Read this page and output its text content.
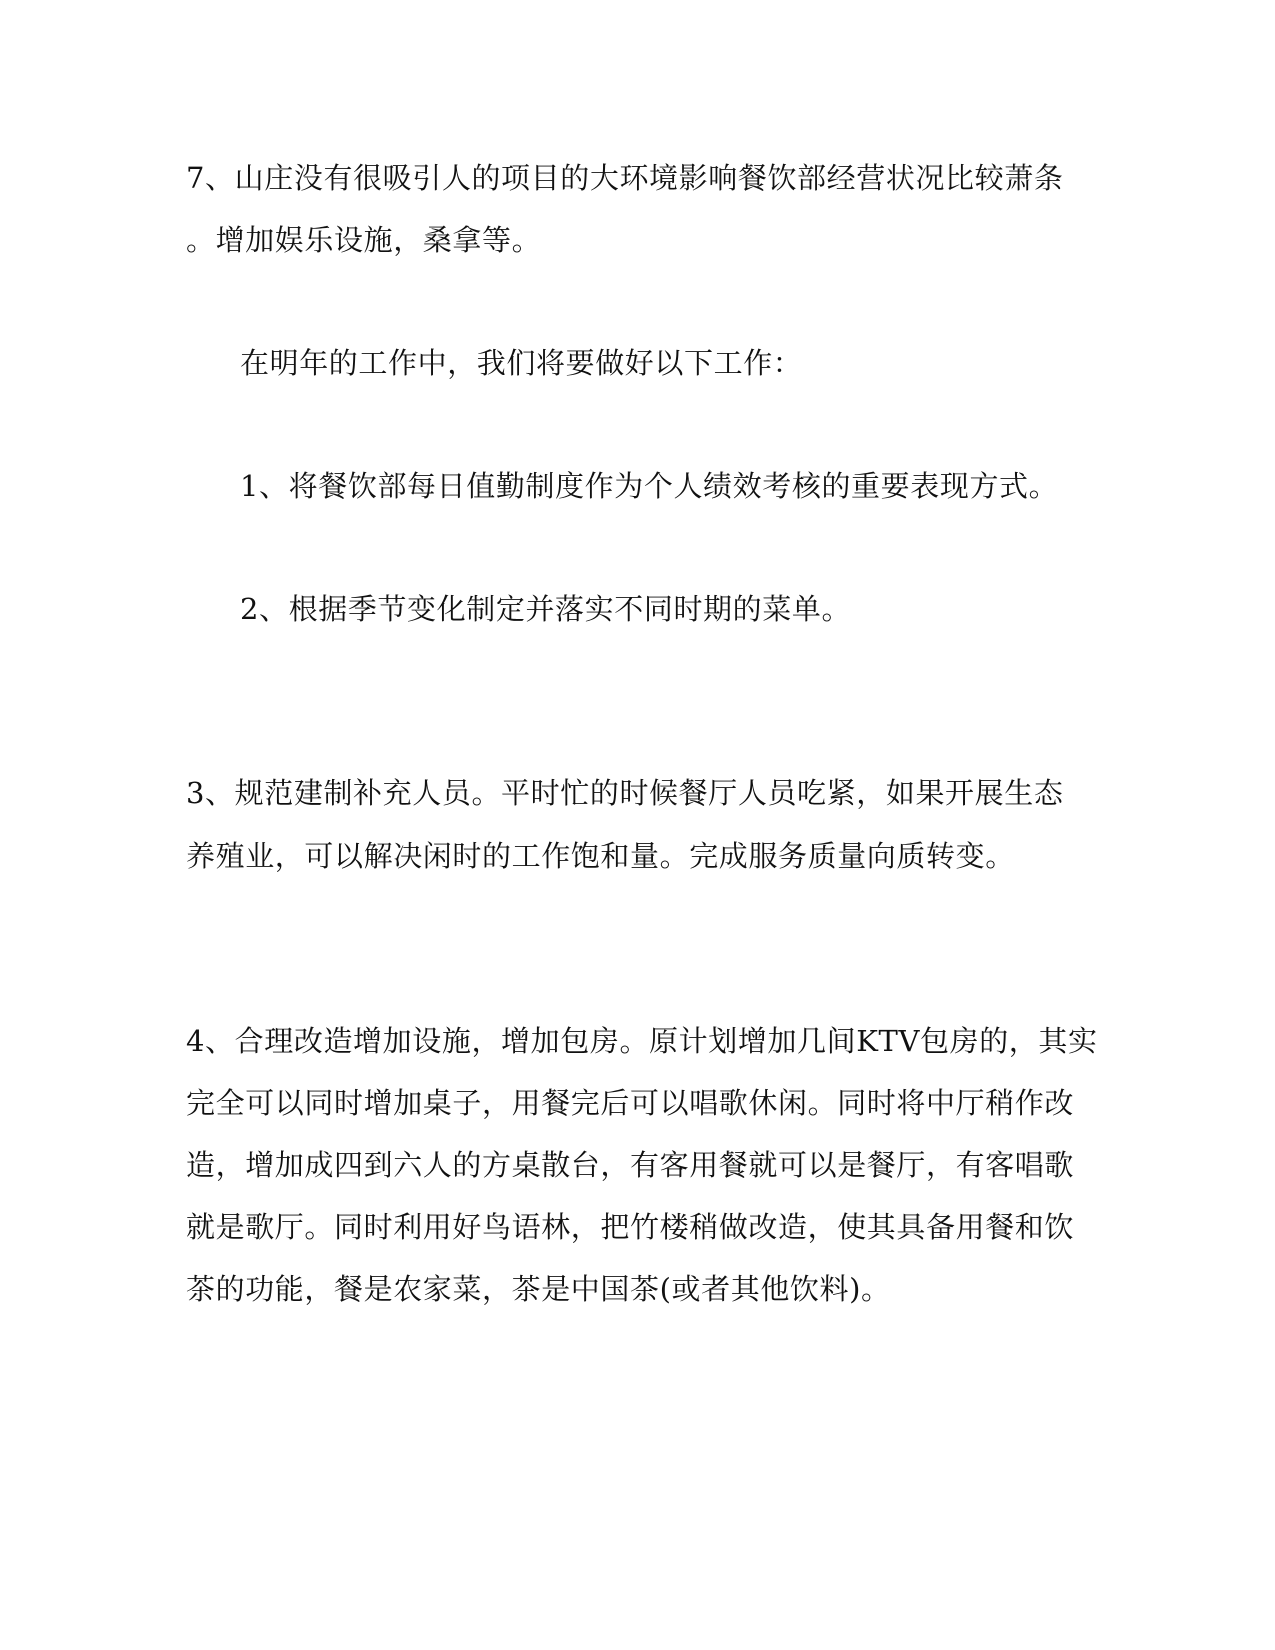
7、山庄没有很吸引人的项目的大环境影响餐饮部经营状况比较萧条

。增加娱乐设施，桑拿等。

在明年的工作中，我们将要做好以下工作：

1、将餐饮部每日值勤制度作为个人绩效考核的重要表现方式。

2、根据季节变化制定并落实不同时期的菜单。

3、规范建制补充人员。平时忙的时候餐厅人员吃紧，如果开展生态

养殖业，可以解决闲时的工作饱和量。完成服务质量向质转变。

4、合理改造增加设施，增加包房。原计划增加几间KTV包房的，其实

完全可以同时增加桌子，用餐完后可以唱歌休闲。同时将中厅稍作改

造，增加成四到六人的方桌散台，有客用餐就可以是餐厅，有客唱歌

就是歌厅。同时利用好鸟语林，把竹楼稍做改造，使其具备用餐和饮

茶的功能，餐是农家菜，茶是中国茶(或者其他饮料)。
